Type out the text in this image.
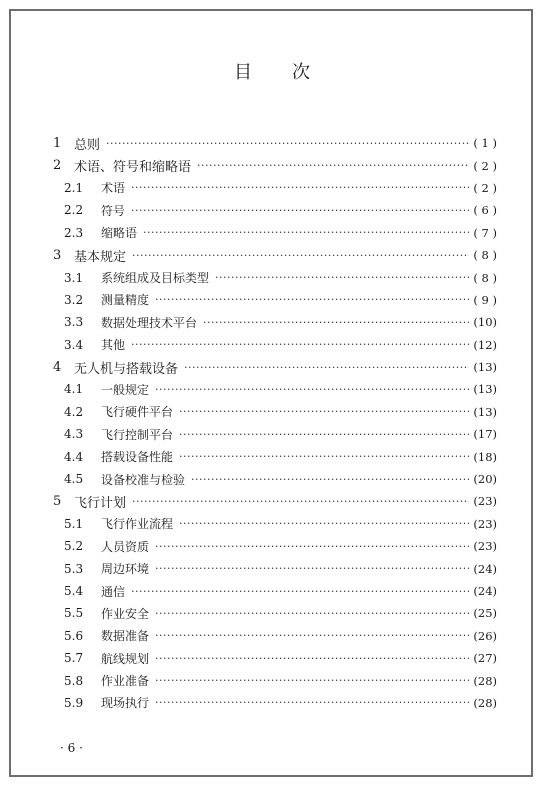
目 次
1 总则 ·····	( 1 )
2 术语、符号和缩略语 ·····	( 2 )
2.1	术语 ·····	( 2 )
2.2	符号 ·····	( 6 )
2.3	缩略语 ·····	( 7 )
3 基本规定 ·····	( 8 )
3.1	系统组成及目标类型 ·····	( 8 )
3.2	测量精度 ·····	( 9 )
3.3	数据处理技术平台 ·····	(10)
3.4	其他 ·····	(12)
4 无人机与搭载设备 ·····	(13)
4.1	一般规定 ·····	(13)
4.2	飞行硬件平台 ·····	(13)
4.3	飞行控制平台 ·····	(17)
4.4	搭载设备性能 ·····	(18)
4.5	设备校准与检验 ·····	(20)
5 飞行计划 ·····	(23)
5.1	飞行作业流程 ·····	(23)
5.2	人员资质 ·····	(23)
5.3	周边环境 ·····	(24)
5.4	通信 ·····	(24)
5.5	作业安全 ·····	(25)
5.6	数据准备 ·····	(26)
5.7	航线规划 ·····	(27)
5.8	作业准备 ·····	(28)
5.9	现场执行 ·····	(28)
· 6 ·
